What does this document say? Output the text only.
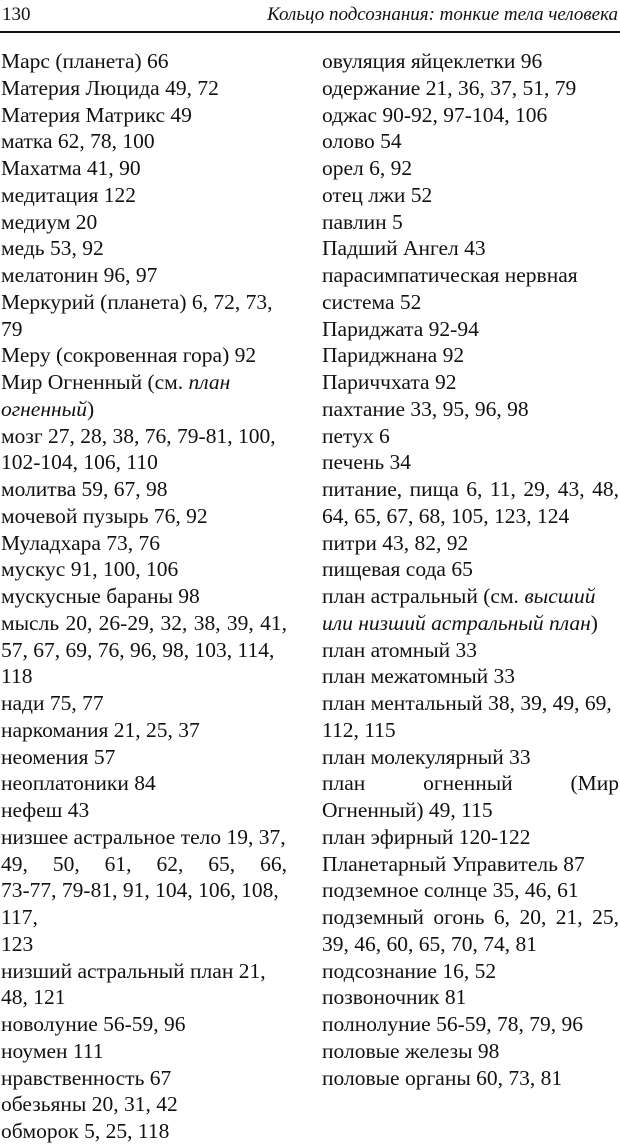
130	Кольцо подсознания: тонкие тела человека
Марс (планета) 66
Материя Люцида 49, 72
Материя Матрикс 49
матка 62, 78, 100
Махатма 41, 90
медитация 122
медиум 20
медь 53, 92
мелатонин 96, 97
Меркурий (планета) 6, 72, 73,
79
Меру (сокровенная гора) 92
Мир Огненный (см. план
огненный)
мозг 27, 28, 38, 76, 79-81, 100,
102-104, 106, 110
молитва 59, 67, 98
мочевой пузырь 76, 92
Муладхара 73, 76
мускус 91, 100, 106
мускусные бараны 98
мысль 20, 26-29, 32, 38, 39, 41,
57, 67, 69, 76, 96, 98, 103, 114, 118
нади 75, 77
наркомания 21, 25, 37
неомения 57
неоплатоники 84
нефеш 43
низшее астральное тело 19, 37,
49, 50, 61, 62, 65, 66,
73-77, 79-81, 91, 104, 106, 108, 117,
123
низший астральный план 21,
48, 121
новолуние 56-59, 96
ноумен 111
нравственность 67
обезьяны 20, 31, 42
обморок 5, 25, 118
овуляция яйцеклетки 96
одержание 21, 36, 37, 51, 79
оджас 90-92, 97-104, 106
олово 54
орел 6, 92
отец лжи 52
павлин 5
Падший Ангел 43
парасимпатическая нервная
система 52
Париджата 92-94
Париджнана 92
Париччхата 92
пахтание 33, 95, 96, 98
петух 6
печень 34
питание, пища 6, 11, 29, 43, 48,
64, 65, 67, 68, 105, 123, 124
питри 43, 82, 92
пищевая сода 65
план астральный (см. высший
или низший астральный план)
план атомный 33
план межатомный 33
план ментальный 38, 39, 49, 69,
112, 115
план молекулярный 33
план огненный (Мир
Огненный) 49, 115
план эфирный 120-122
Планетарный Управитель 87
подземное солнце 35, 46, 61
подземный огонь 6, 20, 21, 25,
39, 46, 60, 65, 70, 74, 81
подсознание 16, 52
позвоночник 81
полнолуние 56-59, 78, 79, 96
половые железы 98
половые органы 60, 73, 81
